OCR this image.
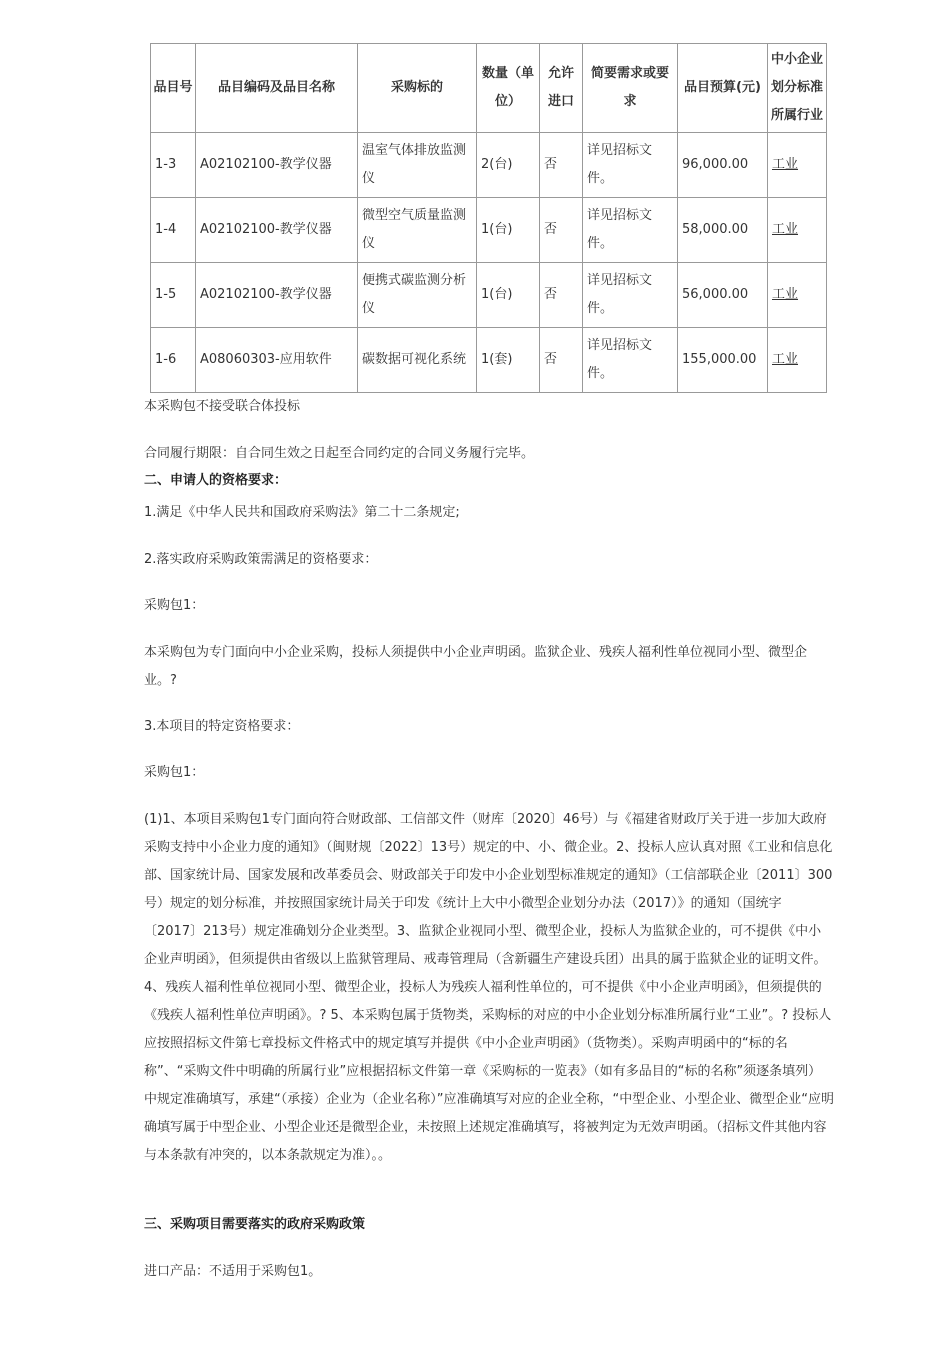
品目号	品目编码及品目名称	采购标的	数量（单位）	允许进口	简要需求或要求	品目预算(元)	中小企业划分标准所属行业
1-3	A02102100-教学仪器	温室气体排放监测仪	2(台)	否	详见招标文件。	96,000.00	工业
1-4	A02102100-教学仪器	微型空气质量监测仪	1(台)	否	详见招标文件。	58,000.00	工业
1-5	A02102100-教学仪器	便携式碳监测分析仪	1(台)	否	详见招标文件。	56,000.00	工业
1-6	A08060303-应用软件	碳数据可视化系统	1(套)	否	详见招标文件。	155,000.00	工业

本采购包不接受联合体投标

合同履行期限：自合同生效之日起至合同约定的合同义务履行完毕。

二、申请人的资格要求：

1.满足《中华人民共和国政府采购法》第二十二条规定;

2.落实政府采购政策需满足的资格要求：

采购包1：

本采购包为专门面向中小企业采购，投标人须提供中小企业声明函。监狱企业、残疾人福利性单位视同小型、微型企业。?

3.本项目的特定资格要求：

采购包1：

(1)1、本项目采购包1专门面向符合财政部、工信部文件（财库〔2020〕46号）与《福建省财政厅关于进一步加大政府采购支持中小企业力度的通知》（闽财规〔2022〕13号）规定的中、小、微企业。2、投标人应认真对照《工业和信息化部、国家统计局、国家发展和改革委员会、财政部关于印发中小企业划型标准规定的通知》（工信部联企业〔2011〕300号）规定的划分标准，并按照国家统计局关于印发《统计上大中小微型企业划分办法（2017）》的通知（国统字〔2017〕213号）规定准确划分企业类型。3、监狱企业视同小型、微型企业，投标人为监狱企业的，可不提供《中小企业声明函》，但须提供由省级以上监狱管理局、戒毒管理局（含新疆生产建设兵团）出具的属于监狱企业的证明文件。4、残疾人福利性单位视同小型、微型企业，投标人为残疾人福利性单位的，可不提供《中小企业声明函》，但须提供的《残疾人福利性单位声明函》。? 5、本采购包属于货物类，采购标的对应的中小企业划分标准所属行业“工业”。? 投标人应按照招标文件第七章投标文件格式中的规定填写并提供《中小企业声明函》（货物类）。采购声明函中的“标的名称”、“采购文件中明确的所属行业”应根据招标文件第一章《采购标的一览表》（如有多品目的“标的名称”须逐条填列）中规定准确填写，承建“（承接）企业为（企业名称）”应准确填写对应的企业全称，“中型企业、小型企业、微型企业“应明确填写属于中型企业、小型企业还是微型企业，未按照上述规定准确填写，将被判定为无效声明函。（招标文件其他内容与本条款有冲突的，以本条款规定为准）。。

三、采购项目需要落实的政府采购政策

进口产品：不适用于采购包1。
